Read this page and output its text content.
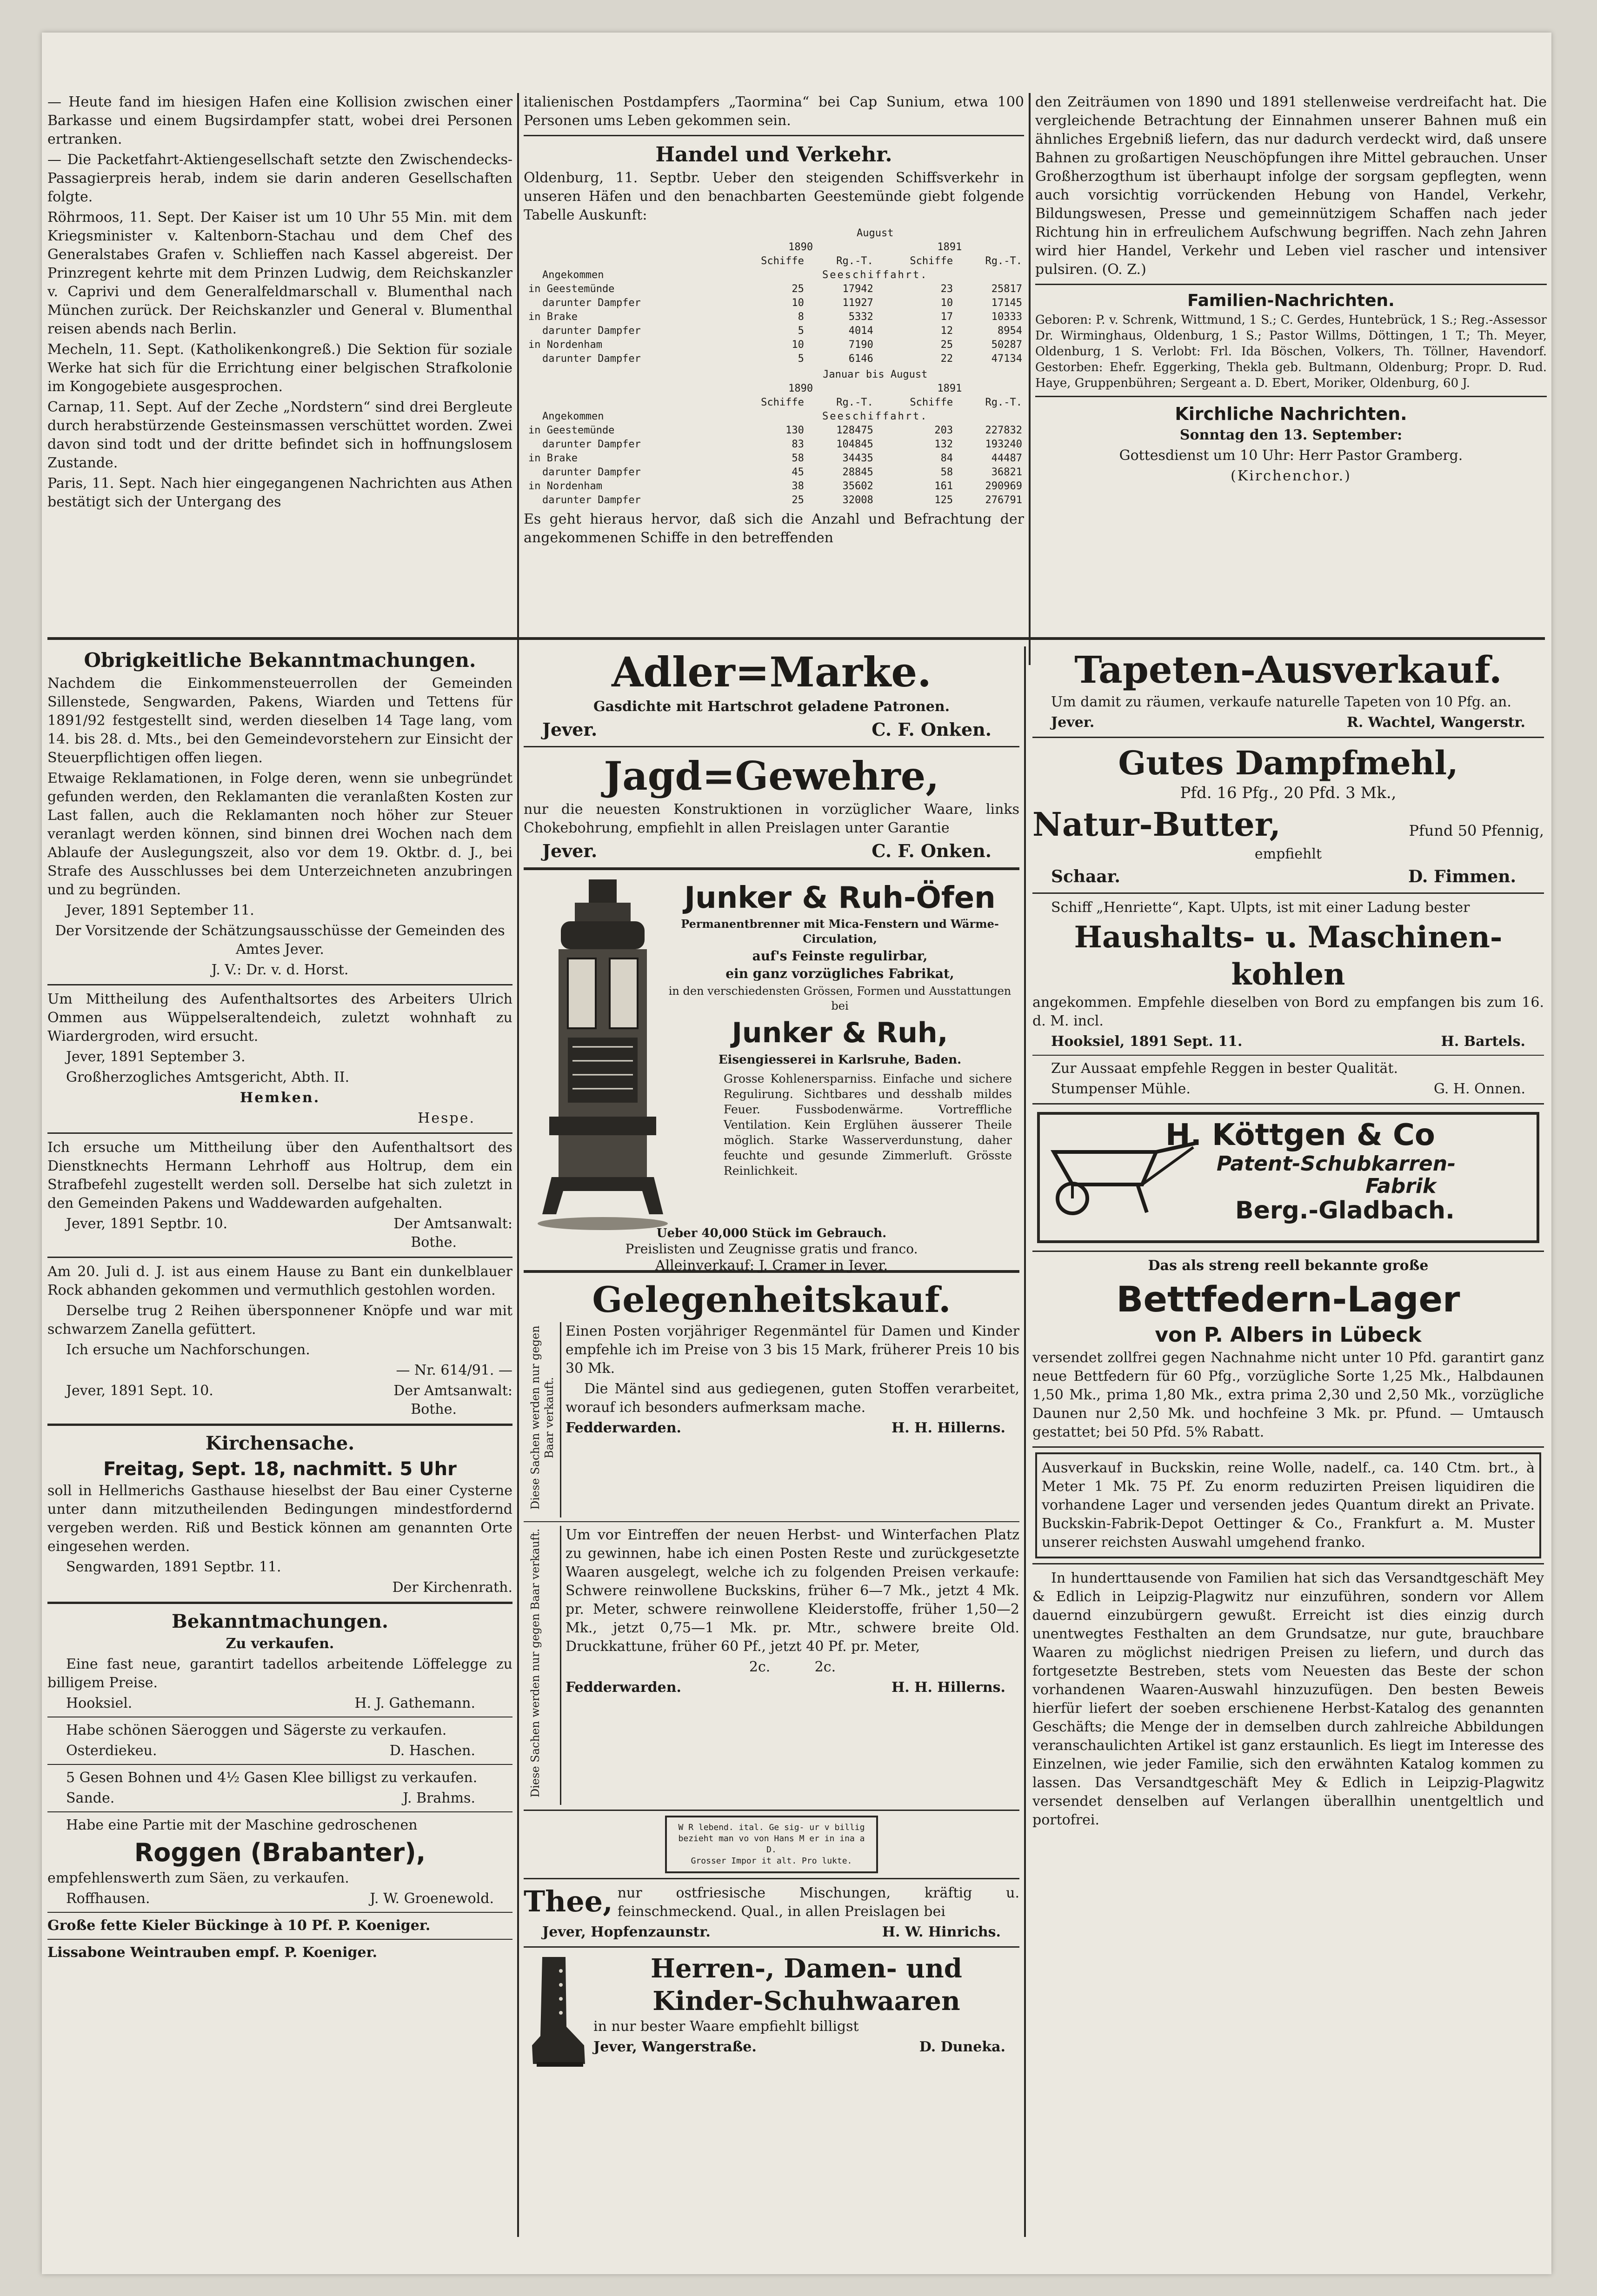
— Heute fand im hiesigen Hafen eine Kollision zwischen einer Barkasse und einem Bugsirdampfer statt, wobei drei Personen ertranken.

— Die Packetfahrt-Aktiengesellschaft setzte den Zwischendecks-Passagierpreis herab, indem sie darin anderen Gesellschaften folgte.

Röhrmoos, 11. Sept. Der Kaiser ist um 10 Uhr 55 Min. mit dem Kriegsminister v. Kaltenborn-Stachau und dem Chef des Generalstabes Grafen v. Schlieffen nach Kassel abgereist. Der Prinzregent kehrte mit dem Prinzen Ludwig, dem Reichskanzler v. Caprivi und dem Generalfeldmarschall v. Blumenthal nach München zurück. Der Reichskanzler und General v. Blumenthal reisen abends nach Berlin.

Mecheln, 11. Sept. (Katholikenkongreß.) Die Sektion für soziale Werke hat sich für die Errichtung einer belgischen Strafkolonie im Kongogebiete ausgesprochen.

Carnap, 11. Sept. Auf der Zeche „Nordstern“ sind drei Bergleute durch herabstürzende Gesteinsmassen verschüttet worden. Zwei davon sind todt und der dritte befindet sich in hoffnungslosem Zustande.

Paris, 11. Sept. Nach hier eingegangenen Nachrichten aus Athen bestätigt sich der Untergang des

italienischen Postdampfers „Taormina“ bei Cap Sunium, etwa 100 Personen ums Leben gekommen sein.

Handel und Verkehr.

Oldenburg, 11. Septbr. Ueber den steigenden Schiffsverkehr in unseren Häfen und den benachbarten Geestemünde giebt folgende Tabelle Auskunft:

	August			
	1890		1891	
	Schiffe	Rg.-T.	Schiffe	Rg.-T.
Angekommen	Seeschiffahrt.			
in Geestemünde	25	17942	23	25817
darunter Dampfer	10	11927	10	17145
in Brake	8	5332	17	10333
darunter Dampfer	5	4014	12	8954
in Nordenham	10	7190	25	50287
darunter Dampfer	5	6146	22	47134
	Januar bis August			
	1890		1891	
	Schiffe	Rg.-T.	Schiffe	Rg.-T.
Angekommen	Seeschiffahrt.			
in Geestemünde	130	128475	203	227832
darunter Dampfer	83	104845	132	193240
in Brake	58	34435	84	44487
darunter Dampfer	45	28845	58	36821
in Nordenham	38	35602	161	290969
darunter Dampfer	25	32008	125	276791

Es geht hieraus hervor, daß sich die Anzahl und Befrachtung der angekommenen Schiffe in den betreffenden

den Zeiträumen von 1890 und 1891 stellenweise verdreifacht hat. Die vergleichende Betrachtung der Einnahmen unserer Bahnen muß ein ähnliches Ergebniß liefern, das nur dadurch verdeckt wird, daß unsere Bahnen zu großartigen Neuschöpfungen ihre Mittel gebrauchen. Unser Großherzogthum ist überhaupt infolge der sorgsam gepflegten, wenn auch vorsichtig vorrückenden Hebung von Handel, Verkehr, Bildungswesen, Presse und gemeinnützigem Schaffen nach jeder Richtung hin in erfreulichem Aufschwung begriffen. Nach zehn Jahren wird hier Handel, Verkehr und Leben viel rascher und intensiver pulsiren. (O. Z.)

Familien-Nachrichten.

Geboren: P. v. Schrenk, Wittmund, 1 S.; C. Gerdes, Huntebrück, 1 S.; Reg.-Assessor Dr. Wirminghaus, Oldenburg, 1 S.; Pastor Willms, Döttingen, 1 T.; Th. Meyer, Oldenburg, 1 S. Verlobt: Frl. Ida Böschen, Volkers, Th. Töllner, Havendorf. Gestorben: Ehefr. Eggerking, Thekla geb. Bultmann, Oldenburg; Propr. D. Rud. Haye, Gruppenbühren; Sergeant a. D. Ebert, Moriker, Oldenburg, 60 J.

Kirchliche Nachrichten.

Sonntag den 13. September:

Gottesdienst um 10 Uhr: Herr Pastor Gramberg.

(Kirchenchor.)

Obrigkeitliche Bekanntmachungen.

Nachdem die Einkommensteuerrollen der Gemeinden Sillenstede, Sengwarden, Pakens, Wiarden und Tettens für 1891/92 festgestellt sind, werden dieselben 14 Tage lang, vom 14. bis 28. d. Mts., bei den Gemeindevorstehern zur Einsicht der Steuerpflichtigen offen liegen.

Etwaige Reklamationen, in Folge deren, wenn sie unbegründet gefunden werden, den Reklamanten die veranlaßten Kosten zur Last fallen, auch die Reklamanten noch höher zur Steuer veranlagt werden können, sind binnen drei Wochen nach dem Ablaufe der Auslegungszeit, also vor dem 19. Oktbr. d. J., bei Strafe des Ausschlusses bei dem Unterzeichneten anzubringen und zu begründen.

Jever, 1891 September 11.

Der Vorsitzende der Schätzungsausschüsse der Gemeinden des Amtes Jever.

J. V.: Dr. v. d. Horst.

Um Mittheilung des Aufenthaltsortes des Arbeiters Ulrich Ommen aus Wüppelseraltendeich, zuletzt wohnhaft zu Wiardergroden, wird ersucht.

Jever, 1891 September 3.

Großherzogliches Amtsgericht, Abth. II.

Hemken.

Hespe.

Ich ersuche um Mittheilung über den Aufenthaltsort des Dienstknechts Hermann Lehrhoff aus Holtrup, dem ein Strafbefehl zugestellt werden soll. Derselbe hat sich zuletzt in den Gemeinden Pakens und Waddewarden aufgehalten.

Jever, 1891 Septbr. 10.	Der Amtsanwalt:

Bothe.

Am 20. Juli d. J. ist aus einem Hause zu Bant ein dunkelblauer Rock abhanden gekommen und vermuthlich gestohlen worden.

Derselbe trug 2 Reihen übersponnener Knöpfe und war mit schwarzem Zanella gefüttert.

Ich ersuche um Nachforschungen.

— Nr. 614/91. —

Jever, 1891 Sept. 10.	Der Amtsanwalt:

Bothe.

Kirchensache.
Freitag, Sept. 18, nachmitt. 5 Uhr

soll in Hellmerichs Gasthause hieselbst der Bau einer Cysterne unter dann mitzutheilenden Bedingungen mindestfordernd vergeben werden. Riß und Bestick können am genannten Orte eingesehen werden.

Sengwarden, 1891 Septbr. 11.

Der Kirchenrath.

Bekanntmachungen.

Zu verkaufen.

Eine fast neue, garantirt tadellos arbeitende Löffelegge zu billigem Preise.

Hooksiel.	H. J. Gathemann.

Habe schönen Säeroggen und Sägerste zu verkaufen.

Osterdiekeu.	D. Haschen.

5 Gesen Bohnen und 4½ Gasen Klee billigst zu verkaufen.

Sande.	J. Brahms.

Habe eine Partie mit der Maschine gedroschenen

Roggen (Brabanter),

empfehlenswerth zum Säen, zu verkaufen.

Roffhausen.	J. W. Groenewold.

Große fette Kieler Bückinge à 10 Pf. P. Koeniger.

Lissabone Weintrauben empf. P. Koeniger.

Adler=Marke.

Gasdichte mit Hartschrot geladene Patronen.

Jever.	C. F. Onken.
Jagd=Gewehre,

nur die neuesten Konstruktionen in vorzüglicher Waare, links Chokebohrung, empfiehlt in allen Preislagen unter Garantie

Jever.	C. F. Onken.
Junker & Ruh-Öfen

Permanentbrenner mit Mica-Fenstern und Wärme-Circulation,

auf's Feinste regulirbar,

ein ganz vorzügliches Fabrikat,

in den verschiedensten Grössen, Formen und Ausstattungen bei

Junker & Ruh,

Eisengiesserei in Karlsruhe, Baden.

Grosse Kohlenersparniss. Einfache und sichere Regulirung. Sichtbares und desshalb mildes Feuer. Fussbodenwärme. Vortreffliche Ventilation. Kein Erglühen äusserer Theile möglich. Starke Wasserverdunstung, daher feuchte und gesunde Zimmerluft. Grösste Reinlichkeit.

Ueber 40,000 Stück im Gebrauch.

Preislisten und Zeugnisse gratis und franco.

Alleinverkauf: J. Cramer in Jever.

Gelegenheitskauf.
Diese Sachen werden nur gegen Baar verkauft.

Einen Posten vorjähriger Regenmäntel für Damen und Kinder empfehle ich im Preise von 3 bis 15 Mark, früherer Preis 10 bis 30 Mk.

Die Mäntel sind aus gediegenen, guten Stoffen verarbeitet, worauf ich besonders aufmerksam mache.

Fedderwarden.	H. H. Hillerns.
Diese Sachen werden nur gegen Baar verkauft.	Um vor Eintreffen der neuen Herbst- und Winterfachen Platz zu gewinnen, habe ich einen Posten Reste und zurückgesetzte Waaren ausgelegt, welche ich zu folgenden Preisen verkaufe: Schwere reinwollene Buckskins, früher 6—7 Mk., jetzt 4 Mk. pr. Meter, schwere reinwollene Kleiderstoffe, früher 1,50—2 Mk., jetzt 0,75—1 Mk. pr. Mtr., schwere breite Old. Druckkattune, früher 60 Pf., jetzt 40 Pf. pr. Meter,

2c.          2c.

Fedderwarden.	H. H. Hillerns.
W R lebend. ital. Ge sig- ur v billig
bezieht man vo von Hans M er in ina a D.
Grosser Impor it alt. Pro lukte.
Thee, nur ostfriesische Mischungen, kräftig u. feinschmeckend. Qual., in allen Preislagen bei

Jever, Hopfenzaunstr.	H. W. Hinrichs.
Herren-, Damen- und
Kinder-Schuhwaaren

in nur bester Waare empfiehlt billigst

Jever, Wangerstraße.	D. Duneka.
Tapeten-Ausverkauf.

Um damit zu räumen, verkaufe naturelle Tapeten von 10 Pfg. an.

Jever.	R. Wachtel, Wangerstr.
Gutes Dampfmehl,

Pfd. 16 Pfg., 20 Pfd. 3 Mk.,

Natur-Butter,	Pfund 50 Pfennig,

empfiehlt

Schaar.	D. Fimmen.

Schiff „Henriette“, Kapt. Ulpts, ist mit einer Ladung bester

Haushalts- u. Maschinen-
kohlen

angekommen. Empfehle dieselben von Bord zu empfangen bis zum 16. d. M. incl.

Hooksiel, 1891 Sept. 11.	H. Bartels.

Zur Aussaat empfehle Reggen in bester Qualität.

Stumpenser Mühle.	G. H. Onnen.
H. Köttgen & Co
Patent-Schubkarren-
Fabrik
Berg.-Gladbach.

Das als streng reell bekannte große

Bettfedern-Lager
von P. Albers in Lübeck

versendet zollfrei gegen Nachnahme nicht unter 10 Pfd. garantirt ganz neue Bettfedern für 60 Pfg., vorzügliche Sorte 1,25 Mk., Halbdaunen 1,50 Mk., prima 1,80 Mk., extra prima 2,30 und 2,50 Mk., vorzügliche Daunen nur 2,50 Mk. und hochfeine 3 Mk. pr. Pfund. — Umtausch gestattet; bei 50 Pfd. 5% Rabatt.

Ausverkauf in Buckskin, reine Wolle, nadelf., ca. 140 Ctm. brt., à Meter 1 Mk. 75 Pf. Zu enorm reduzirten Preisen liquidiren die vorhandene Lager und versenden jedes Quantum direkt an Private. Buckskin-Fabrik-Depot Oettinger & Co., Frankfurt a. M. Muster unserer reichsten Auswahl umgehend franko.

In hunderttausende von Familien hat sich das Versandtgeschäft Mey & Edlich in Leipzig-Plagwitz nur einzuführen, sondern vor Allem dauernd einzubürgern gewußt. Erreicht ist dies einzig durch unentwegtes Festhalten an dem Grundsatze, nur gute, brauchbare Waaren zu möglichst niedrigen Preisen zu liefern, und durch das fortgesetzte Bestreben, stets vom Neuesten das Beste der schon vorhandenen Waaren-Auswahl hinzuzufügen. Den besten Beweis hierfür liefert der soeben erschienene Herbst-Katalog des genannten Geschäfts; die Menge der in demselben durch zahlreiche Abbildungen veranschaulichten Artikel ist ganz erstaunlich. Es liegt im Interesse des Einzelnen, wie jeder Familie, sich den erwähnten Katalog kommen zu lassen. Das Versandtgeschäft Mey & Edlich in Leipzig-Plagwitz versendet denselben auf Verlangen überallhin unentgeltlich und portofrei.
